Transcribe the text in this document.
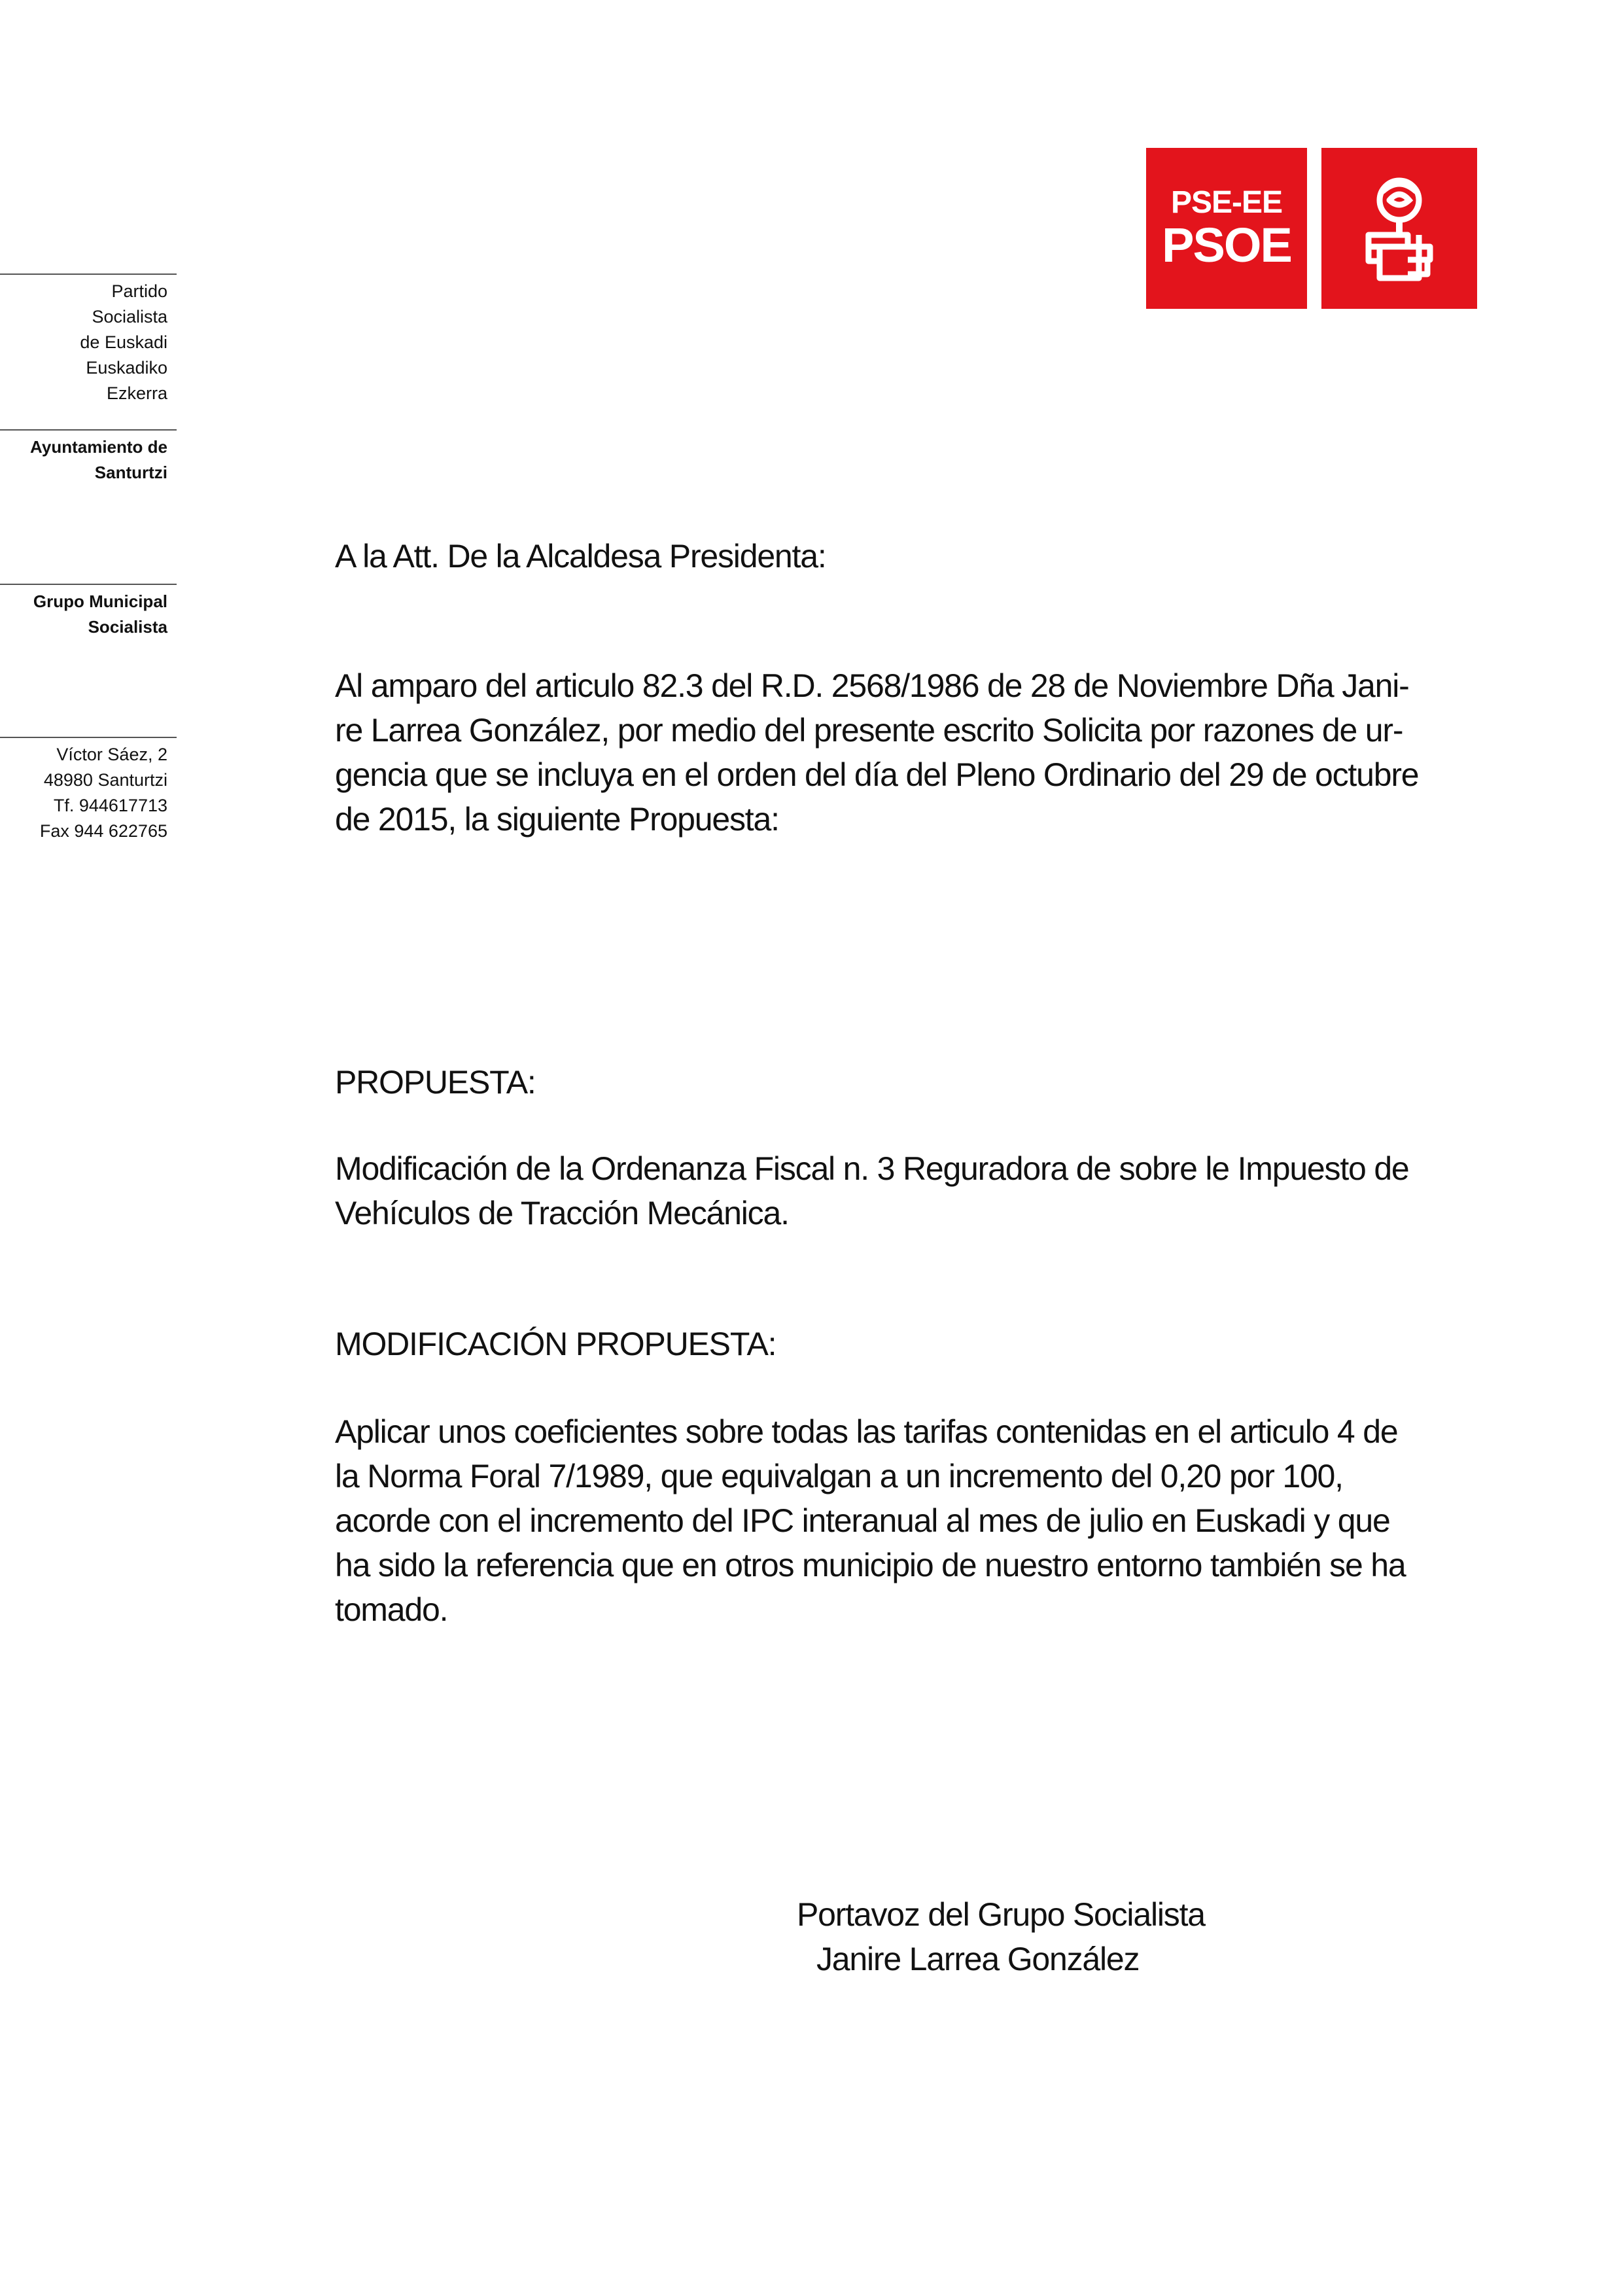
PSE-EE
PSOE
Partido
Socialista
de Euskadi
Euskadiko
Ezkerra
Ayuntamiento de
Santurtzi
Grupo Municipal
Socialista
Víctor Sáez, 2
48980 Santurtzi
Tf. 944617713
Fax 944 622765
A la Att. De la Alcaldesa Presidenta:
Al amparo del articulo 82.3 del R.D. 2568/1986 de 28 de Noviembre Dña Jani-
re Larrea González, por medio del presente escrito Solicita por razones de ur-
gencia que se incluya en el orden del día del Pleno Ordinario del 29 de octubre
de 2015, la siguiente Propuesta:
PROPUESTA:
Modificación de la Ordenanza Fiscal n. 3 Reguradora de sobre le Impuesto de
Vehículos de Tracción Mecánica.
MODIFICACIÓN PROPUESTA:
Aplicar unos coeficientes sobre todas las tarifas contenidas en el articulo 4 de
la Norma Foral 7/1989, que equivalgan a un incremento del 0,20 por 100,
acorde con el incremento del IPC interanual al mes de julio en Euskadi y que
ha sido la referencia que en otros municipio de nuestro entorno también se ha
tomado.
Portavoz del Grupo Socialista
Janire Larrea González
